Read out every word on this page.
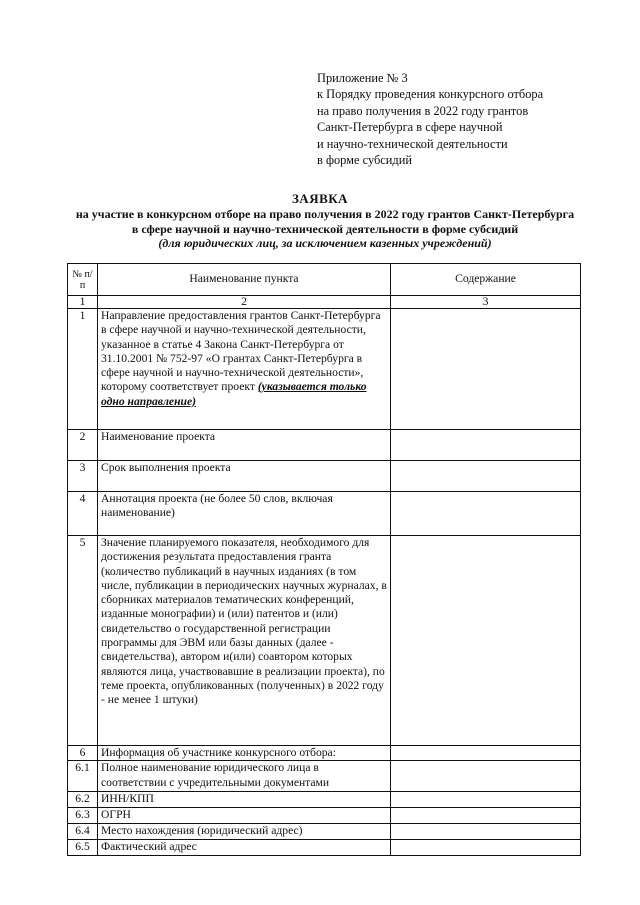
Приложение № 3
к Порядку проведения конкурсного отбора
на право получения в 2022 году грантов
Санкт-Петербурга в сфере научной
и научно-технической деятельности
в форме субсидий
ЗАЯВКА
на участие в конкурсном отборе на право получения в 2022 году грантов Санкт-Петербурга
в сфере научной и научно-технической деятельности в форме субсидий
(для юридических лиц, за исключением казенных учреждений)
№ п/п	Наименование пункта	Содержание
1	2	3
1	Направление предоставления грантов Санкт-Петербурга в сфере научной и научно-технической деятельности, указанное в статье 4 Закона Санкт-Петербурга от 31.10.2001 № 752-97 «О грантах Санкт-Петербурга в сфере научной и научно-технической деятельности», которому соответствует проект (указывается только одно направление)	
2	Наименование проекта	
3	Срок выполнения проекта	
4	Аннотация проекта (не более 50 слов, включая наименование)	
5	Значение планируемого показателя, необходимого для достижения результата предоставления гранта (количество публикаций в научных изданиях (в том числе, публикации в периодических научных журналах, в сборниках материалов тематических конференций, изданные монографии) и (или) патентов и (или) свидетельство о государственной регистрации программы для ЭВМ или базы данных (далее - свидетельства), автором и(или) соавтором которых являются лица, участвовавшие в реализации проекта), по теме проекта, опубликованных (полученных) в 2022 году - не менее 1 штуки)	
6	Информация об участнике конкурсного отбора:	
6.1	Полное наименование юридического лица в соответствии с учредительными документами	
6.2	ИНН/КПП	
6.3	ОГРН	
6.4	Место нахождения (юридический адрес)	
6.5	Фактический адрес	
